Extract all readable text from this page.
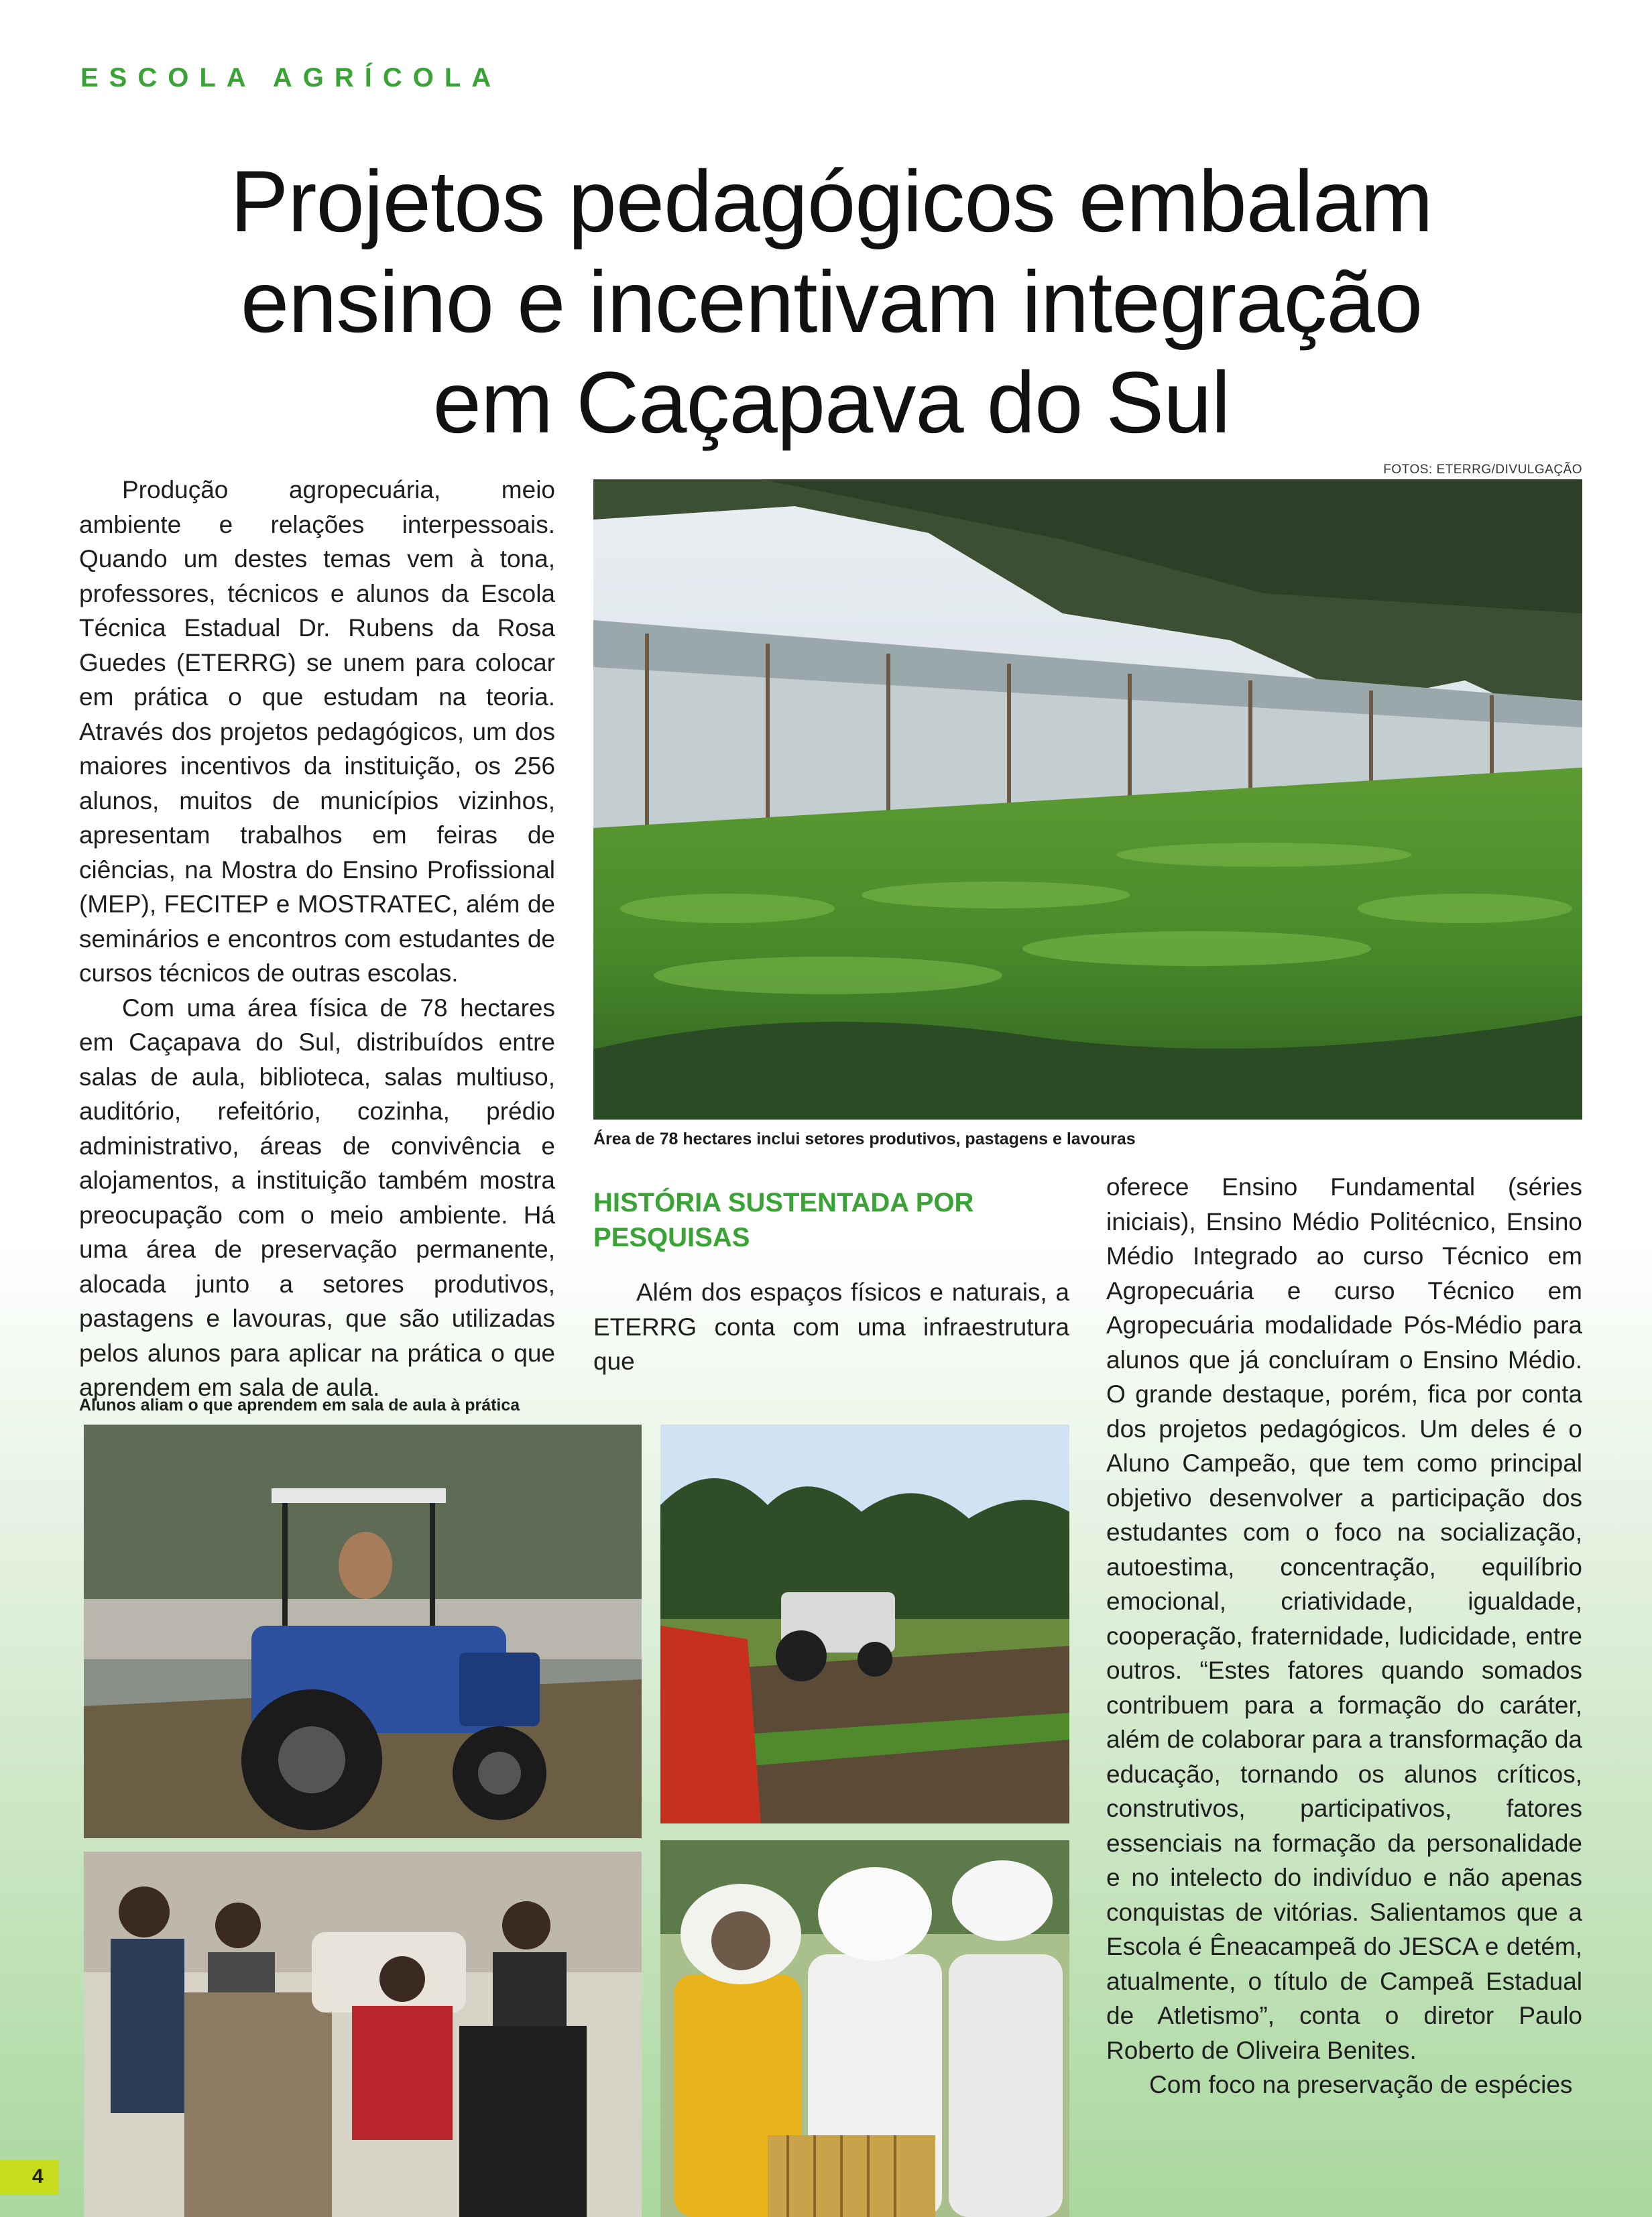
ESCOLA AGRÍCOLA
Projetos pedagógicos embalam
ensino e incentivam integração
em Caçapava do Sul
FOTOS: ETERRG/DIVULGAÇÃO

Produção agropecuária, meio ambiente e relações interpessoais. Quando um destes temas vem à tona, professores, técnicos e alunos da Escola Técnica Estadual Dr. Rubens da Rosa Guedes (ETERRG) se unem para colocar em prática o que estudam na teoria. Através dos projetos pedagógicos, um dos maiores incentivos da instituição, os 256 alunos, muitos de municípios vizinhos, apresentam trabalhos em feiras de ciências, na Mostra do Ensino Profissional (MEP), FECITEP e MOSTRATEC, além de seminários e encontros com estudantes de cursos técnicos de outras escolas.

Com uma área física de 78 hectares em Caçapava do Sul, distribuídos entre salas de aula, biblioteca, salas multiuso, auditório, refeitório, cozinha, prédio administrativo, áreas de convivência e alojamentos, a instituição também mostra preocupação com o meio ambiente. Há uma área de preservação permanente, alocada junto a setores produtivos, pastagens e lavouras, que são utilizadas pelos alunos para aplicar na prática o que aprendem em sala de aula.

Área de 78 hectares inclui setores produtivos, pastagens e lavouras
HISTÓRIA SUSTENTADA POR PESQUISAS

Além dos espaços físicos e naturais, a ETERRG conta com uma infraestrutura que

oferece Ensino Fundamental (séries iniciais), Ensino Médio Politécnico, Ensino Médio Integrado ao curso Técnico em Agropecuária e curso Técnico em Agropecuária modalidade Pós-Médio para alunos que já concluíram o Ensino Médio. O grande destaque, porém, fica por conta dos projetos pedagógicos. Um deles é o Aluno Campeão, que tem como principal objetivo desenvolver a participação dos estudantes com o foco na socialização, autoestima, concentração, equilíbrio emocional, criatividade, igualdade, cooperação, fraternidade, ludicidade, entre outros. “Estes fatores quando somados contribuem para a formação do caráter, além de colaborar para a transformação da educação, tornando os alunos críticos, construtivos, participativos, fatores essenciais na formação da personalidade e no intelecto do indivíduo e não apenas conquistas de vitórias. Salientamos que a Escola é Êneacampeã do JESCA e detém, atualmente, o título de Campeã Estadual de Atletismo”, conta o diretor Paulo Roberto de Oliveira Benites.

Com foco na preservação de espécies

Alunos aliam o que aprendem em sala de aula à prática
4
